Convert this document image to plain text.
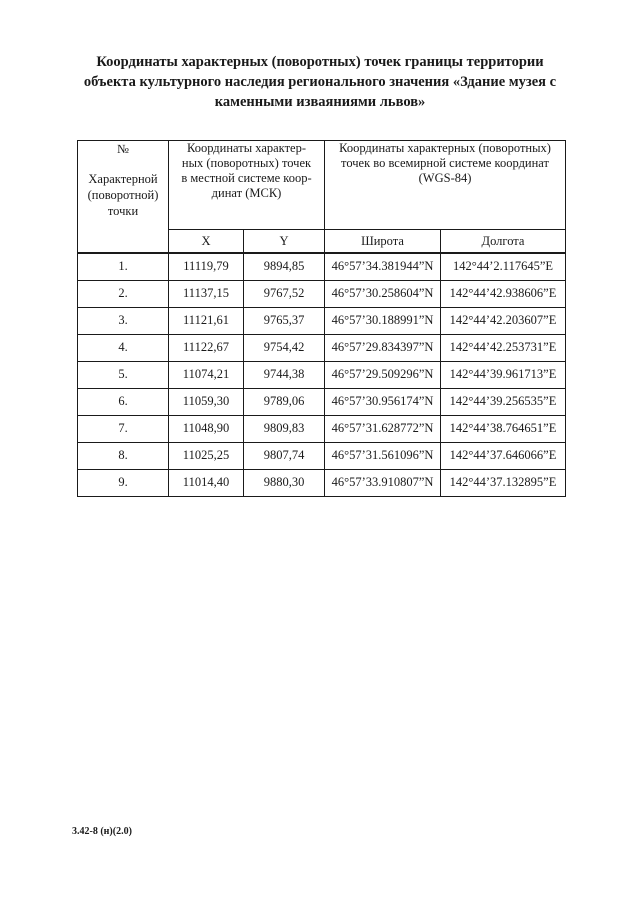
Координаты характерных (поворотных) точек границы территории
объекта культурного наследия регионального значения «Здание музея с
каменными изваяниями львов»
№
Характерной
(поворотной)
точки	Координаты характер-
ных (поворотных) точек
в местной системе коор-
динат (МСК)		Координаты характерных (поворотных)
точек во всемирной системе координат
(WGS-84)	

	X	Y	Широта	Долгота
1.	11119,79	9894,85	46°57’34.381944”N	142°44’2.117645”E
2.	11137,15	9767,52	46°57’30.258604”N	142°44’42.938606”E
3.	11121,61	9765,37	46°57’30.188991”N	142°44’42.203607”E
4.	11122,67	9754,42	46°57’29.834397”N	142°44’42.253731”E
5.	11074,21	9744,38	46°57’29.509296”N	142°44’39.961713”E
6.	11059,30	9789,06	46°57’30.956174”N	142°44’39.256535”E
7.	11048,90	9809,83	46°57’31.628772”N	142°44’38.764651”E
8.	11025,25	9807,74	46°57’31.561096”N	142°44’37.646066”E
9.	11014,40	9880,30	46°57’33.910807”N	142°44’37.132895”E
3.42-8 (н)(2.0)
